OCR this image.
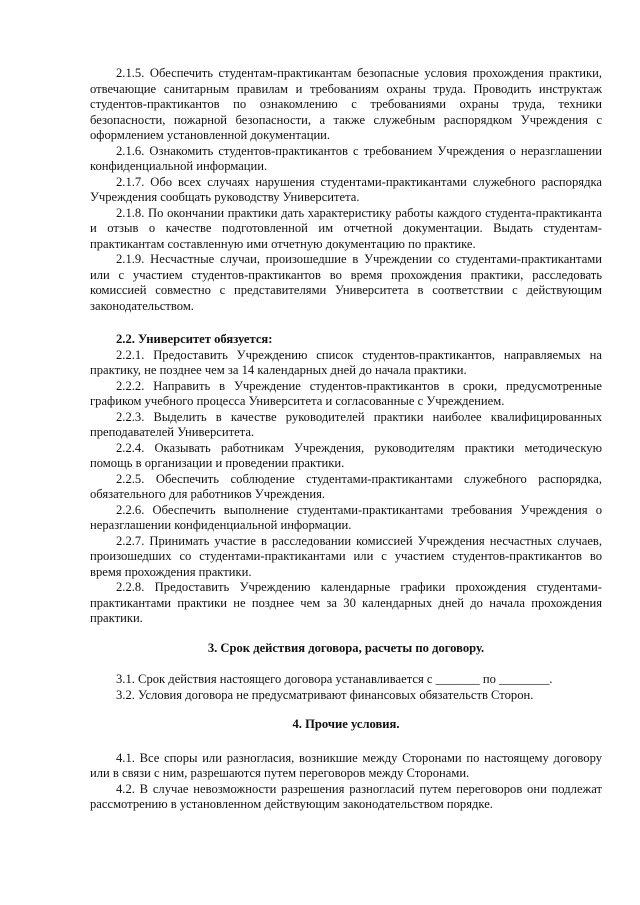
2.1.5. Обеспечить студентам-практикантам безопасные условия прохождения практики, отвечающие санитарным правилам и требованиям охраны труда. Проводить инструктаж студентов-практикантов по ознакомлению с требованиями охраны труда, техники безопасности, пожарной безопасности, а также служебным распорядком Учреждения с оформлением установленной документации.

2.1.6. Ознакомить студентов-практикантов с требованием Учреждения о неразглашении конфиденциальной информации.

2.1.7. Обо всех случаях нарушения студентами-практикантами служебного распорядка Учреждения сообщать руководству Университета.

2.1.8. По окончании практики дать характеристику работы каждого студента-практиканта и отзыв о качестве подготовленной им отчетной документации. Выдать студентам-практикантам составленную ими отчетную документацию по практике.

2.1.9. Несчастные случаи, произошедшие в Учреждении со студентами-практикантами или с участием студентов-практикантов во время прохождения практики, расследовать комиссией совместно с представителями Университета в соответствии с действующим законодательством.

2.2. Университет обязуется:

2.2.1. Предоставить Учреждению список студентов-практикантов, направляемых на практику, не позднее чем за 14 календарных дней до начала практики.

2.2.2. Направить в Учреждение студентов-практикантов в сроки, предусмотренные графиком учебного процесса Университета и согласованные с Учреждением.

2.2.3. Выделить в качестве руководителей практики наиболее квалифицированных преподавателей Университета.

2.2.4. Оказывать работникам Учреждения, руководителям практики методическую помощь в организации и проведении практики.

2.2.5. Обеспечить соблюдение студентами-практикантами служебного распорядка, обязательного для работников Учреждения.

2.2.6. Обеспечить выполнение студентами-практикантами требования Учреждения о неразглашении конфиденциальной информации.

2.2.7. Принимать участие в расследовании комиссией Учреждения несчастных случаев, произошедших со студентами-практикантами или с участием студентов-практикантов во время прохождения практики.

2.2.8. Предоставить Учреждению календарные графики прохождения студентами-практикантами практики не позднее чем за 30 календарных дней до начала прохождения практики.

3. Срок действия договора, расчеты по договору.

3.1. Срок действия настоящего договора устанавливается с _______ по ________.

3.2. Условия договора не предусматривают финансовых обязательств Сторон.

4. Прочие условия.

4.1. Все споры или разногласия, возникшие между Сторонами по настоящему договору или в связи с ним, разрешаются путем переговоров между Сторонами.

4.2. В случае невозможности разрешения разногласий путем переговоров они подлежат рассмотрению в установленном действующим законодательством порядке.
